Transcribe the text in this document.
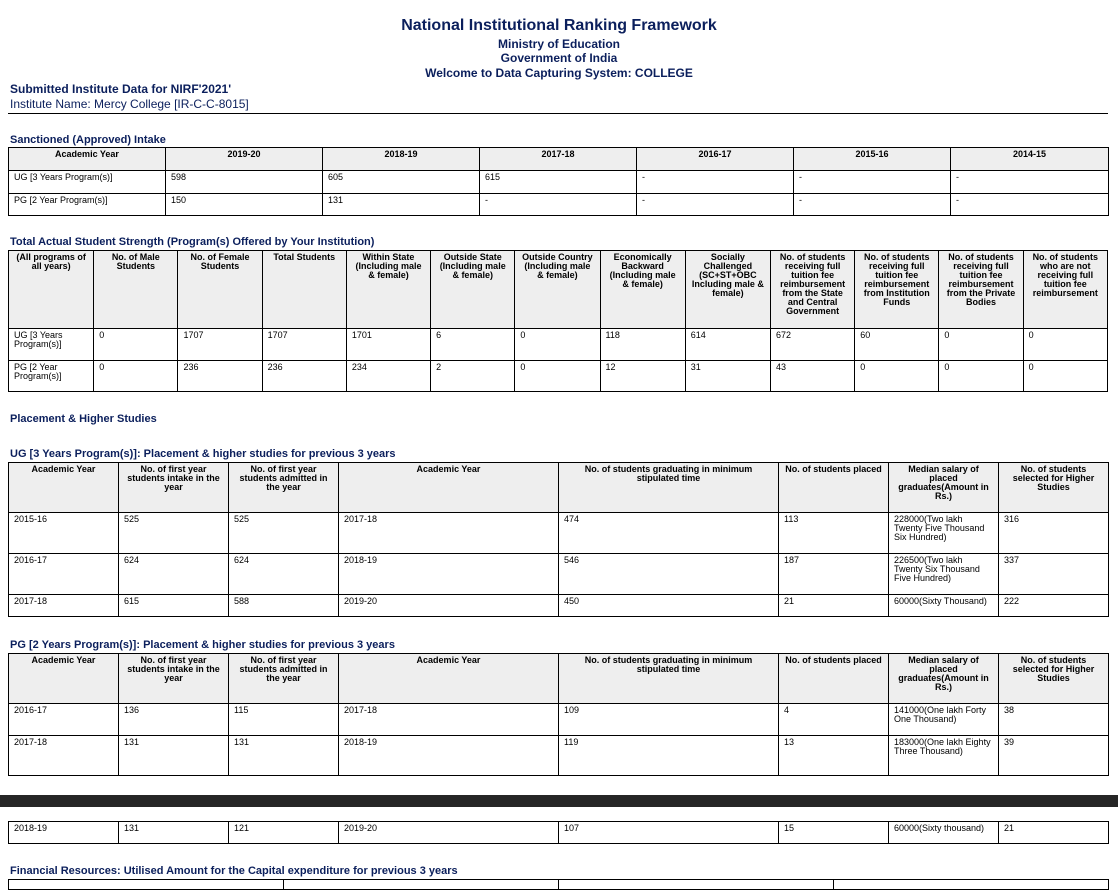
National Institutional Ranking Framework
Ministry of Education
Government of India
Welcome to Data Capturing System: COLLEGE
Submitted Institute Data for NIRF'2021'
Institute Name: Mercy College [IR-C-C-8015]
Sanctioned (Approved) Intake
Academic Year	2019-20	2018-19	2017-18	2016-17	2015-16	2014-15
UG [3 Years Program(s)]	598	605	615	-	-	-
PG [2 Year Program(s)]	150	131	-	-	-	-
Total Actual Student Strength (Program(s) Offered by Your Institution)
(All programs of all years)	No. of Male Students	No. of Female Students	Total Students	Within State (Including male & female)	Outside State (Including male & female)	Outside Country (Including male & female)	Economically Backward (Including male & female)	Socially Challenged (SC+ST+OBC Including male & female)	No. of students receiving full tuition fee reimbursement from the State and Central Government	No. of students receiving full tuition fee reimbursement from Institution Funds	No. of students receiving full tuition fee reimbursement from the Private Bodies	No. of students who are not receiving full tuition fee reimbursement
UG [3 Years Program(s)]	0	1707	1707	1701	6	0	118	614	672	60	0	0
PG [2 Year Program(s)]	0	236	236	234	2	0	12	31	43	0	0	0
Placement & Higher Studies
UG [3 Years Program(s)]: Placement & higher studies for previous 3 years
Academic Year	No. of first year students intake in the year	No. of first year students admitted in the year	Academic Year	No. of students graduating in minimum stipulated time	No. of students placed	Median salary of placed graduates(Amount in Rs.)	No. of students selected for Higher Studies
2015-16	525	525	2017-18	474	113	228000(Two lakh Twenty Five Thousand Six Hundred)	316
2016-17	624	624	2018-19	546	187	226500(Two lakh Twenty Six Thousand Five Hundred)	337
2017-18	615	588	2019-20	450	21	60000(Sixty Thousand)	222
PG [2 Years Program(s)]: Placement & higher studies for previous 3 years
Academic Year	No. of first year students intake in the year	No. of first year students admitted in the year	Academic Year	No. of students graduating in minimum stipulated time	No. of students placed	Median salary of placed graduates(Amount in Rs.)	No. of students selected for Higher Studies
2016-17	136	115	2017-18	109	4	141000(One lakh Forty One Thousand)	38
2017-18	131	131	2018-19	119	13	183000(One lakh Eighty Three Thousand)	39
2018-19	131	121	2019-20	107	15	60000(Sixty thousand)	21
Financial Resources: Utilised Amount for the Capital expenditure for previous 3 years
